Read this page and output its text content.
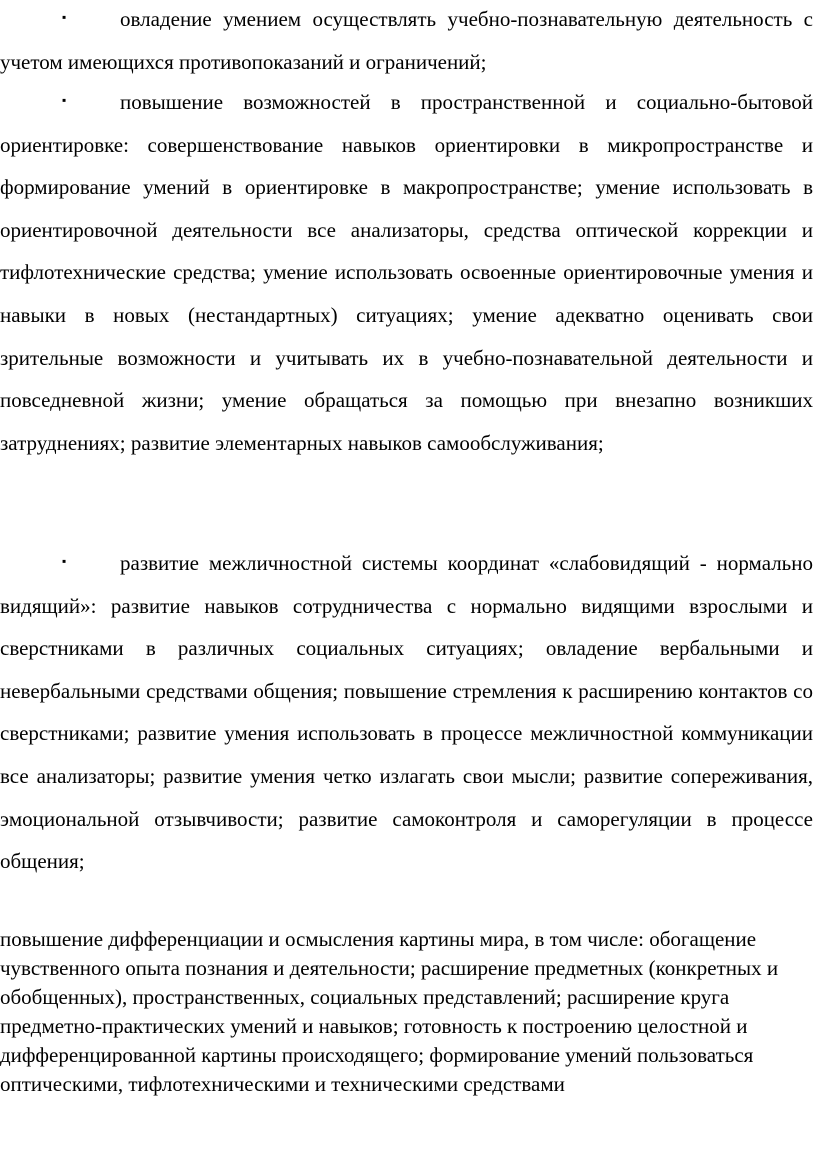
▪	овладение умением осуществлять учебно-познавательную деятельность с учетом имеющихся противопоказаний и ограничений;

▪	повышение возможностей в пространственной и социально-бытовой ориентировке: совершенствование навыков ориентировки в микропространстве и формирование умений в ориентировке в макропространстве; умение использовать в ориентировочной деятельности все анализаторы, средства оптической коррекции и тифлотехнические средства; умение использовать освоенные ориентировочные умения и навыки в новых (нестандартных) ситуациях; умение адекватно оценивать свои зрительные возможности и учитывать их в учебно-познавательной деятельности и повседневной жизни; умение обращаться за помощью при внезапно возникших затруднениях; развитие элементарных навыков самообслуживания;

▪	развитие межличностной системы координат «слабовидящий - нормально видящий»: развитие навыков сотрудничества с нормально видящими взрослыми и сверстниками в различных социальных ситуациях; овладение вербальными и невербальными средствами общения; повышение стремления к расширению контактов со сверстниками; развитие умения использовать в процессе межличностной коммуникации все анализаторы; развитие умения четко излагать свои мысли; развитие сопереживания, эмоциональной отзывчивости; развитие самоконтроля и саморегуляции в процессе общения;

повышение дифференциации и осмысления картины мира, в том числе: обогащение чувственного опыта познания и деятельности; расширение предметных (конкретных и обобщенных), пространственных, социальных представлений; расширение круга предметно-практических умений и навыков; готовность к построению целостной и дифференцированной картины происходящего; формирование умений пользоваться оптическими, тифлотехническими и техническими средствами
